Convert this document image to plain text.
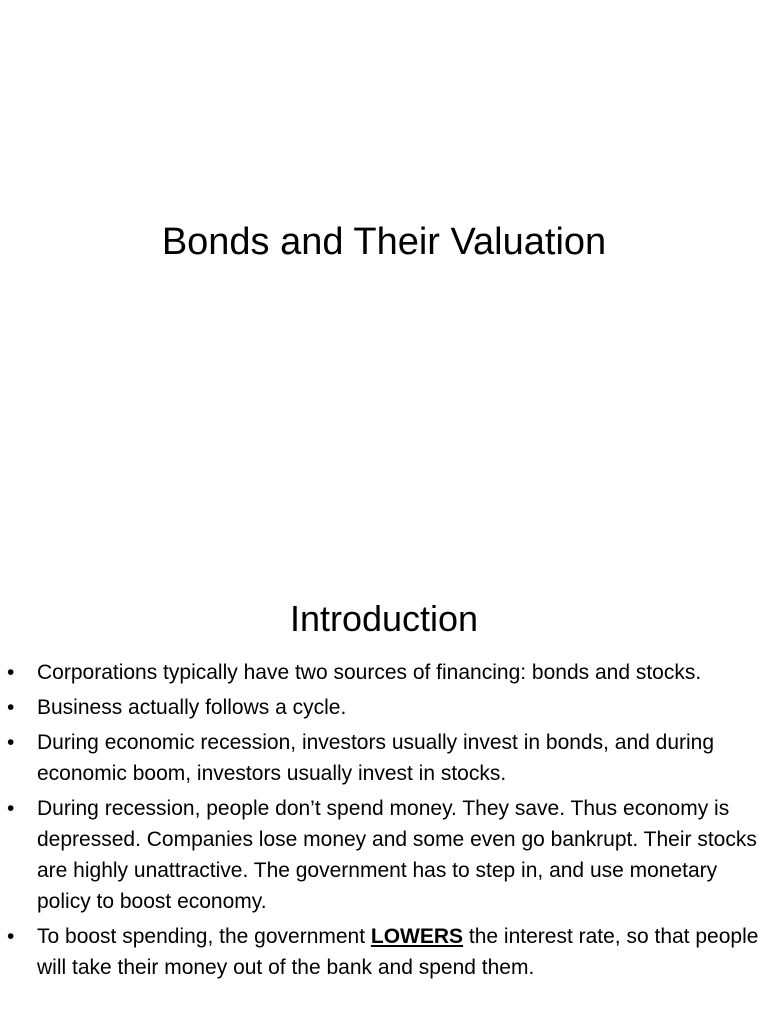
Bonds and Their Valuation
Introduction
• Corporations typically have two sources of financing: bonds and stocks.
• Business actually follows a cycle.
• During economic recession, investors usually invest in bonds, and during economic boom, investors usually invest in stocks.
• During recession, people don’t spend money. They save. Thus economy is depressed. Companies lose money and some even go bankrupt. Their stocks are highly unattractive. The government has to step in, and use monetary policy to boost economy.
• To boost spending, the government LOWERS the interest rate, so that people will take their money out of the bank and spend them.
